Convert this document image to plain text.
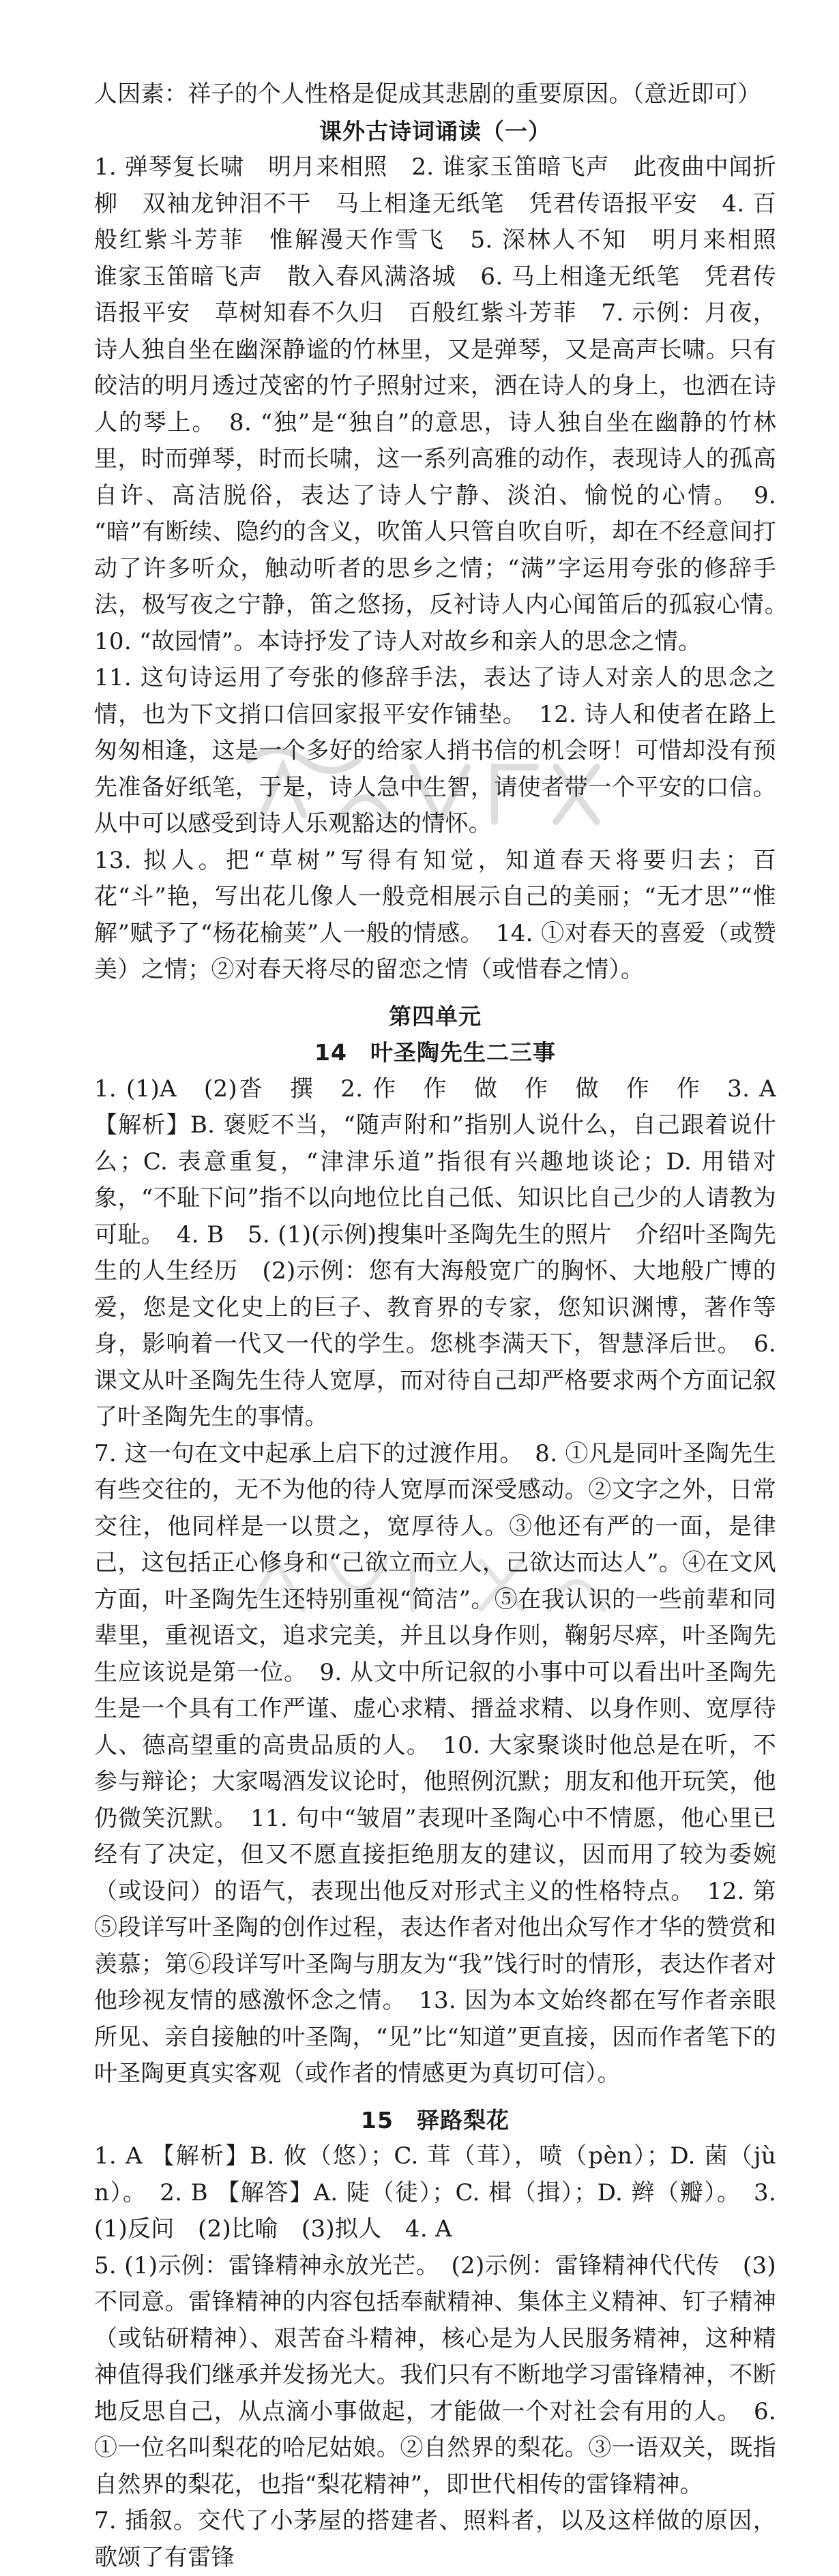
人因素：祥子的个人性格是促成其悲剧的重要原因。（意近即可）

课外古诗词诵读（一）

1. 弹琴复长啸　明月来相照　2. 谁家玉笛暗飞声　此夜曲中闻折柳　双袖龙钟泪不干　马上相逢无纸笔　凭君传语报平安　4. 百般红紫斗芳菲　惟解漫天作雪飞　5. 深林人不知　明月来相照　谁家玉笛暗飞声　散入春风满洛城　6. 马上相逢无纸笔　凭君传语报平安　草树知春不久归　百般红紫斗芳菲　7. 示例：月夜，诗人独自坐在幽深静谧的竹林里，又是弹琴，又是高声长啸。只有皎洁的明月透过茂密的竹子照射过来，洒在诗人的身上，也洒在诗人的琴上。　8. “独”是“独自”的意思，诗人独自坐在幽静的竹林里，时而弹琴，时而长啸，这一系列高雅的动作，表现诗人的孤高自许、高洁脱俗，表达了诗人宁静、淡泊、愉悦的心情。　9. “暗”有断续、隐约的含义，吹笛人只管自吹自听，却在不经意间打动了许多听众，触动听者的思乡之情；“满”字运用夸张的修辞手法，极写夜之宁静，笛之悠扬，反衬诗人内心闻笛后的孤寂心情。　10. “故园情”。本诗抒发了诗人对故乡和亲人的思念之情。

11. 这句诗运用了夸张的修辞手法，表达了诗人对亲人的思念之情，也为下文捎口信回家报平安作铺垫。　12. 诗人和使者在路上匆匆相逢，这是一个多好的给家人捎书信的机会呀！可惜却没有预先准备好纸笔，于是，诗人急中生智，请使者带一个平安的口信。从中可以感受到诗人乐观豁达的情怀。

13. 拟人。把“草树”写得有知觉，知道春天将要归去；百花“斗”艳，写出花儿像人一般竞相展示自己的美丽；“无才思”“惟解”赋予了“杨花榆荚”人一般的情感。　14. ①对春天的喜爱（或赞美）之情；②对春天将尽的留恋之情（或惜春之情）。

第四单元

14　叶圣陶先生二三事

1. (1)A　(2)沓　撰　2. 作　作　做　作　做　作　作　3. A 【解析】B. 褒贬不当，“随声附和”指别人说什么，自己跟着说什么；C. 表意重复，“津津乐道”指很有兴趣地谈论；D. 用错对象，“不耻下问”指不以向地位比自己低、知识比自己少的人请教为可耻。　4. B　5. (1)(示例)搜集叶圣陶先生的照片　介绍叶圣陶先生的人生经历　(2)示例：您有大海般宽广的胸怀、大地般广博的爱，您是文化史上的巨子、教育界的专家，您知识渊博，著作等身，影响着一代又一代的学生。您桃李满天下，智慧泽后世。　6. 课文从叶圣陶先生待人宽厚，而对待自己却严格要求两个方面记叙了叶圣陶先生的事情。

7. 这一句在文中起承上启下的过渡作用。　8. ①凡是同叶圣陶先生有些交往的，无不为他的待人宽厚而深受感动。②文字之外，日常交往，他同样是一以贯之，宽厚待人。③他还有严的一面，是律己，这包括正心修身和“己欲立而立人，己欲达而达人”。④在文风方面，叶圣陶先生还特别重视“简洁”。⑤在我认识的一些前辈和同辈里，重视语文，追求完美，并且以身作则，鞠躬尽瘁，叶圣陶先生应该说是第一位。　9. 从文中所记叙的小事中可以看出叶圣陶先生是一个具有工作严谨、虚心求精、搢益求精、以身作则、宽厚待人、德高望重的高贵品质的人。　10. 大家聚谈时他总是在听，不参与辩论；大家喝酒发议论时，他照例沉默；朋友和他开玩笑，他仍微笑沉默。　11. 句中“皱眉”表现叶圣陶心中不情愿，他心里已经有了决定，但又不愿直接拒绝朋友的建议，因而用了较为委婉（或设问）的语气，表现出他反对形式主义的性格特点。　12. 第⑤段详写叶圣陶的创作过程，表达作者对他出众写作才华的赞赏和羡慕；第⑥段详写叶圣陶与朋友为“我”饯行时的情形，表达作者对他珍视友情的感激怀念之情。　13. 因为本文始终都在写作者亲眼所见、亲自接触的叶圣陶，“见”比“知道”更直接，因而作者笔下的叶圣陶更真实客观（或作者的情感更为真切可信）。

15　驿路梨花

1. A 【解析】B. 攸（悠）；C. 茸（茸），喷（pèn）；D. 菌（jùn）。　2. B 【解答】A. 陡（徒）；C. 楫（揖）；D. 辫（瓣）。　3. (1)反问　(2)比喻　(3)拟人　4. A

5. (1)示例：雷锋精神永放光芒。　(2)示例：雷锋精神代代传　(3)不同意。雷锋精神的内容包括奉献精神、集体主义精神、钉子精神（或钻研精神）、艰苦奋斗精神，核心是为人民服务精神，这种精神值得我们继承并发扬光大。我们只有不断地学习雷锋精神，不断地反思自己，从点滴小事做起，才能做一个对社会有用的人。　6. ①一位名叫梨花的哈尼姑娘。②自然界的梨花。③一语双关，既指自然界的梨花，也指“梨花精神”，即世代相传的雷锋精神。

7. 插叙。交代了小茅屋的搭建者、照料者，以及这样做的原因，歌颂了有雷锋
